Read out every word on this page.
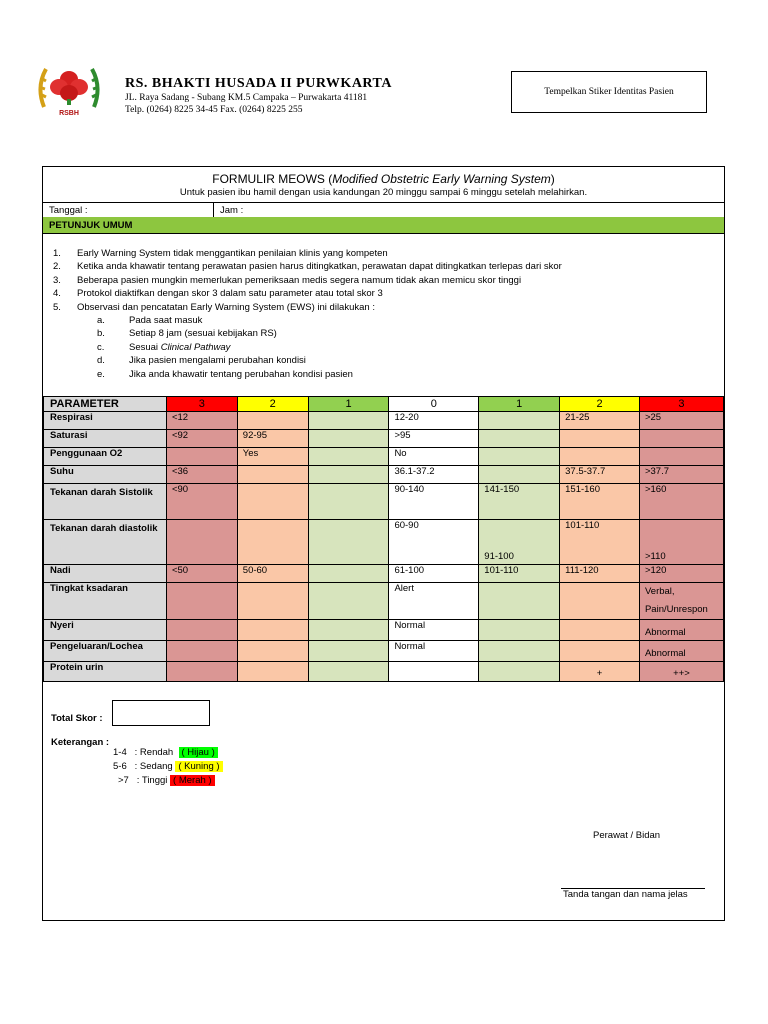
RSBH
RS. BHAKTI HUSADA II PURWKARTA
JL. Raya Sadang - Subang KM.5 Campaka – Purwakarta 41181
Telp. (0264) 8225 34-45 Fax. (0264) 8225 255
Tempelkan Stiker Identitas Pasien
FORMULIR MEOWS (Modified Obstetric Early Warning System)
Untuk pasien ibu hamil dengan usia kandungan 20 minggu sampai 6 minggu setelah melahirkan.
Tanggal :	Jam :
PETUNJUK UMUM
1.	Early Warning System tidak menggantikan penilaian klinis yang kompeten
2.	Ketika anda khawatir tentang perawatan pasien harus ditingkatkan, perawatan dapat ditingkatkan terlepas dari skor
3.	Beberapa pasien mungkin memerlukan pemeriksaan medis segera namum tidak akan memicu skor tinggi
4.	Protokol diaktifkan dengan skor 3 dalam satu parameter atau total skor 3
5.	Observasi dan pencatatan Early Warning System (EWS) ini dilakukan :
a.	Pada saat masuk
b.	Setiap 8 jam (sesuai kebijakan RS)
c.	Sesuai Clinical Pathway
d.	Jika pasien mengalami perubahan kondisi
e.	Jika anda khawatir tentang perubahan kondisi pasien
PARAMETER	3	2	1	0	1	2	3
Respirasi	<12			12-20		21-25	>25
Saturasi	<92	92-95		>95			
Penggunaan O2		Yes		No			
Suhu	<36			36.1-37.2		37.5-37.7	>37.7
Tekanan darah Sistolik	<90			90-140	141-150	151-160	>160
Tekanan darah diastolik				60-90	91-100	101-110	>110
Nadi	<50	50-60		61-100	101-110	111-120	>120
Tingkat ksadaran				Alert			Verbal, Pain/Unrespon
Nyeri				Normal			Abnormal
Pengeluaran/Lochea				Normal			Abnormal
Protein urin						+	++>
Total Skor :
Keterangan :
1-4 : Rendah ( Hijau )
5-6 : Sedang ( Kuning )
>7 : Tinggi ( Merah )
Perawat / Bidan
Tanda tangan dan nama jelas
